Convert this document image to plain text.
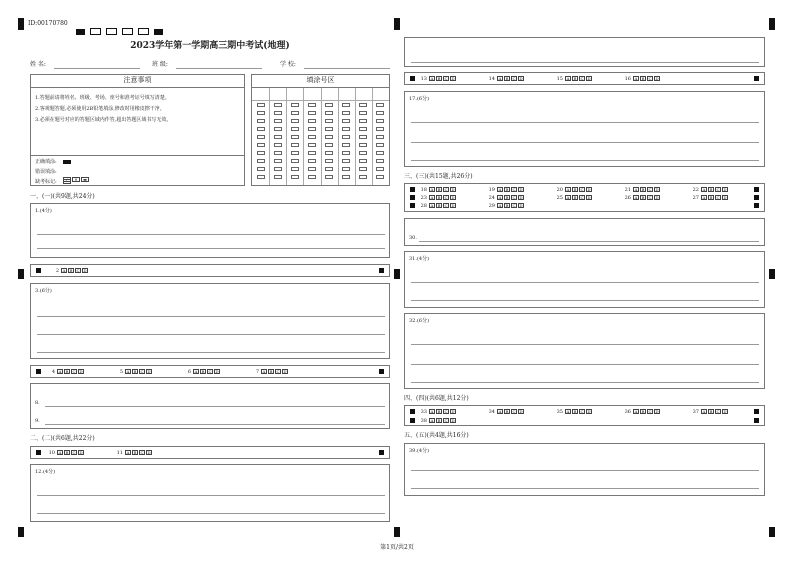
ID:00170780

2023学年第一学期高三期中考试(地理)
姓 名:	班 级:	学 校:
注意事项
1.答题前请将姓名、班级、考场、座号和准考证号填写清楚。
2.客观题答题,必须使用2B铅笔填涂,修改时用橡皮擦干净。
3.必须在题号对应的答题区域内作答,超出答题区域书写无效。
正确填涂:
错误填涂:
✓ ✕ ▬
缺考标记:
填涂号区
一、(一)(共9题,共24分)
1.(4分)
2 A B C D
3.(6分)
4 A B C D	5 A B C D	6 A B C D	7 A B C D
8.
9.
二、(二)(共6题,共22分)
10 A B C D	11 A B C D
12.(4分)
13 A B C D	14 A B C D	15 A B C D	16 A B C D
17.(6分)
三、(三)(共15题,共26分)
18 A B C D	19 A B C D	20 A B C D	21 A B C D	22 A B C D
23 A B C D	24 A B C D	25 A B C D	26 A B C D	27 A B C D
28 A B C D	29 A B C D
30.
31.(4分)
32.(6分)
四、(四)(共6题,共12分)
33 A B C D	34 A B C D	35 A B C D	36 A B C D	37 A B C D
38 A B C D
五、(五)(共4题,共16分)
39.(4分)
第1页/共2页
